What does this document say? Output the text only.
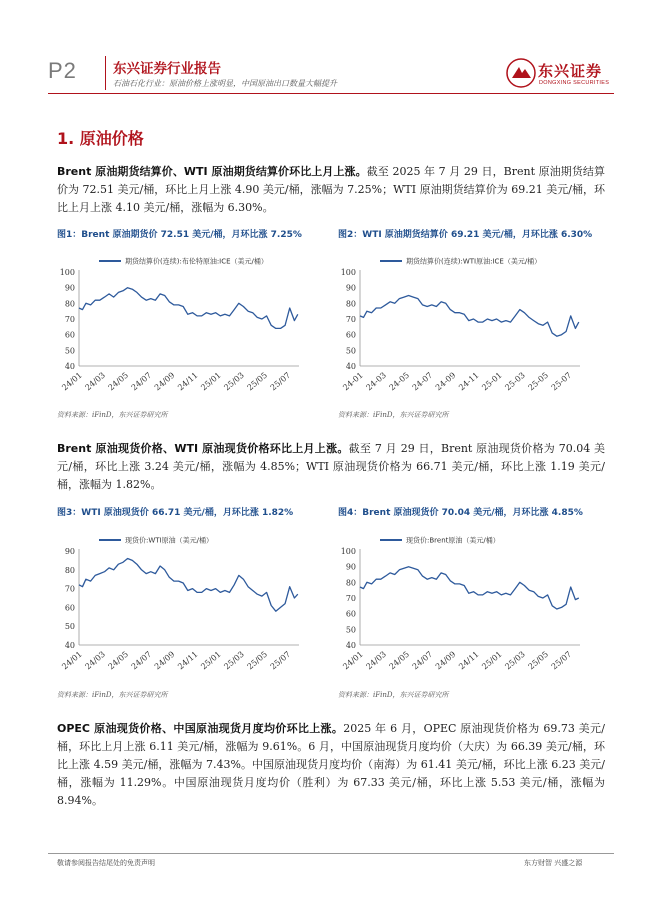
P2	东兴证券行业报告
石油石化行业：原油价格上涨明显，中国原油出口数量大幅提升
东兴证券
DONGXING SECURITIES
1. 原油价格
Brent 原油期货结算价、WTI 原油期货结算价环比上月上涨。截至 2025 年 7 月 29 日，Brent 原油期货结算价为 72.51 美元/桶，环比上月上涨 4.90 美元/桶，涨幅为 7.25%；WTI 原油期货结算价为 69.21 美元/桶，环比上月上涨 4.10 美元/桶，涨幅为 6.30%。
图1：Brent 原油期货价 72.51 美元/桶，月环比涨 7.25%
期货结算价(连续):布伦特原油:ICE（美元/桶）
40
50
60
70
80
90
100
24/01 24/03 24/05 24/07 24/09 24/11 25/01 25/03 25/05 25/07
资料来源：iFinD，东兴证券研究所
图2：WTI 原油期货结算价 69.21 美元/桶，月环比涨 6.30%
期货结算价(连续):WTI原油:ICE（美元/桶）
40
50
60
70
80
90
100
24-01 24-03 24-05 24-07 24-09 24-11 25-01 25-03 25-05 25-07
资料来源：iFinD，东兴证券研究所
Brent 原油现货价格、WTI 原油现货价格环比上月上涨。截至 7 月 29 日，Brent 原油现货价格为 70.04 美元/桶，环比上涨 3.24 美元/桶，涨幅为 4.85%；WTI 原油现货价格为 66.71 美元/桶，环比上涨 1.19 美元/桶，涨幅为 1.82%。
图3：WTI 原油现货价 66.71 美元/桶，月环比涨 1.82%
现货价:WTI原油（美元/桶）
40
50
60
70
80
90
24/01 24/03 24/05 24/07 24/09 24/11 25/01 25/03 25/05 25/07
资料来源：iFinD，东兴证券研究所
图4：Brent 原油现货价 70.04 美元/桶，月环比涨 4.85%
现货价:Brent原油（美元/桶）
40
50
60
70
80
90
100
24/01 24/03 24/05 24/07 24/09 24/11 25/01 25/03 25/05 25/07
资料来源：iFinD，东兴证券研究所
OPEC 原油现货价格、中国原油现货月度均价环比上涨。2025 年 6 月，OPEC 原油现货价格为 69.73 美元/桶，环比上月上涨 6.11 美元/桶，涨幅为 9.61%。6 月，中国原油现货月度均价（大庆）为 66.39 美元/桶，环比上涨 4.59 美元/桶，涨幅为 7.43%。中国原油现货月度均价（南海）为 61.41 美元/桶，环比上涨 6.23 美元/桶，涨幅为 11.29%。中国原油现货月度均价（胜利）为 67.33 美元/桶，环比上涨 5.53 美元/桶，涨幅为 8.94%。
敬请参阅报告结尾处的免责声明	东方财智 兴盛之源
